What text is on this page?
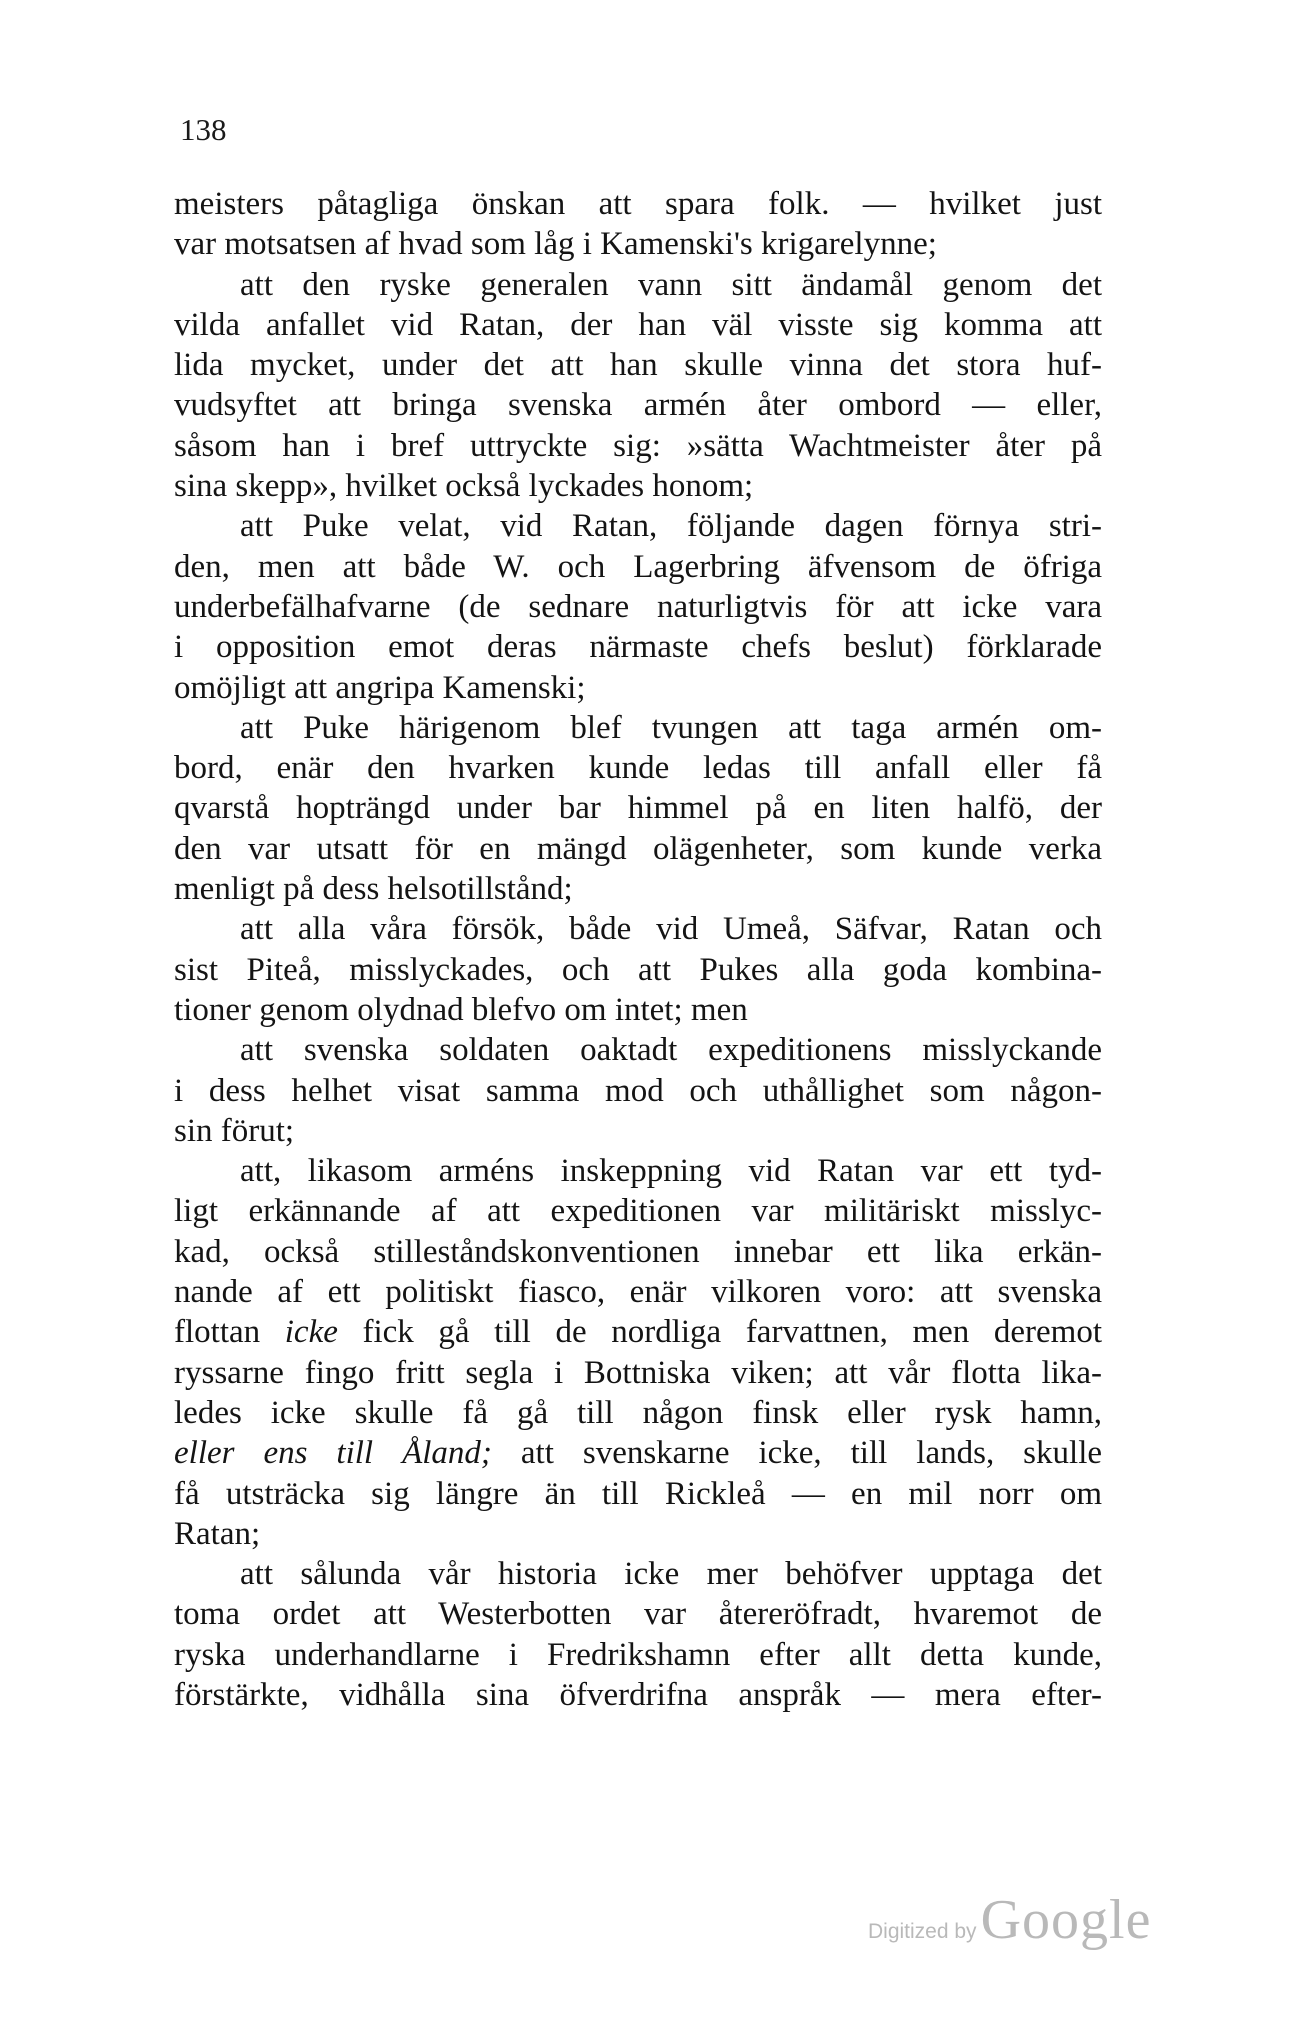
138
meisters påtagliga önskan att spara folk. — hvilket just
var motsatsen af hvad som låg i Kamenski's krigarelynne;
att den ryske generalen vann sitt ändamål genom det
vilda anfallet vid Ratan, der han väl visste sig komma att
lida mycket, under det att han skulle vinna det stora huf-
vudsyftet att bringa svenska armén åter ombord — eller,
såsom han i bref uttryckte sig: »sätta Wachtmeister åter på
sina skepp», hvilket också lyckades honom;
att Puke velat, vid Ratan, följande dagen förnya stri-
den, men att både W. och Lagerbring äfvensom de öfriga
underbefälhafvarne (de sednare naturligtvis för att icke vara
i opposition emot deras närmaste chefs beslut) förklarade
omöjligt att angripa Kamenski;
att Puke härigenom blef tvungen att taga armén om-
bord, enär den hvarken kunde ledas till anfall eller få
qvarstå hopträngd under bar himmel på en liten halfö, der
den var utsatt för en mängd olägenheter, som kunde verka
menligt på dess helsotillstånd;
att alla våra försök, både vid Umeå, Säfvar, Ratan och
sist Piteå, misslyckades, och att Pukes alla goda kombina-
tioner genom olydnad blefvo om intet; men
att svenska soldaten oaktadt expeditionens misslyckande
i dess helhet visat samma mod och uthållighet som någon-
sin förut;
att, likasom arméns inskeppning vid Ratan var ett tyd-
ligt erkännande af att expeditionen var militäriskt misslyc-
kad, också stilleståndskonventionen innebar ett lika erkän-
nande af ett politiskt fiasco, enär vilkoren voro: att svenska
flottan icke fick gå till de nordliga farvattnen, men deremot
ryssarne fingo fritt segla i Bottniska viken; att vår flotta lika-
ledes icke skulle få gå till någon finsk eller rysk hamn,
eller ens till Åland; att svenskarne icke, till lands, skulle
få utsträcka sig längre än till Rickleå — en mil norr om
Ratan;
att sålunda vår historia icke mer behöfver upptaga det
toma ordet att Westerbotten var återeröfradt, hvaremot de
ryska underhandlarne i Fredrikshamn efter allt detta kunde,
förstärkte, vidhålla sina öfverdrifna anspråk — mera efter-
Digitized by Google
